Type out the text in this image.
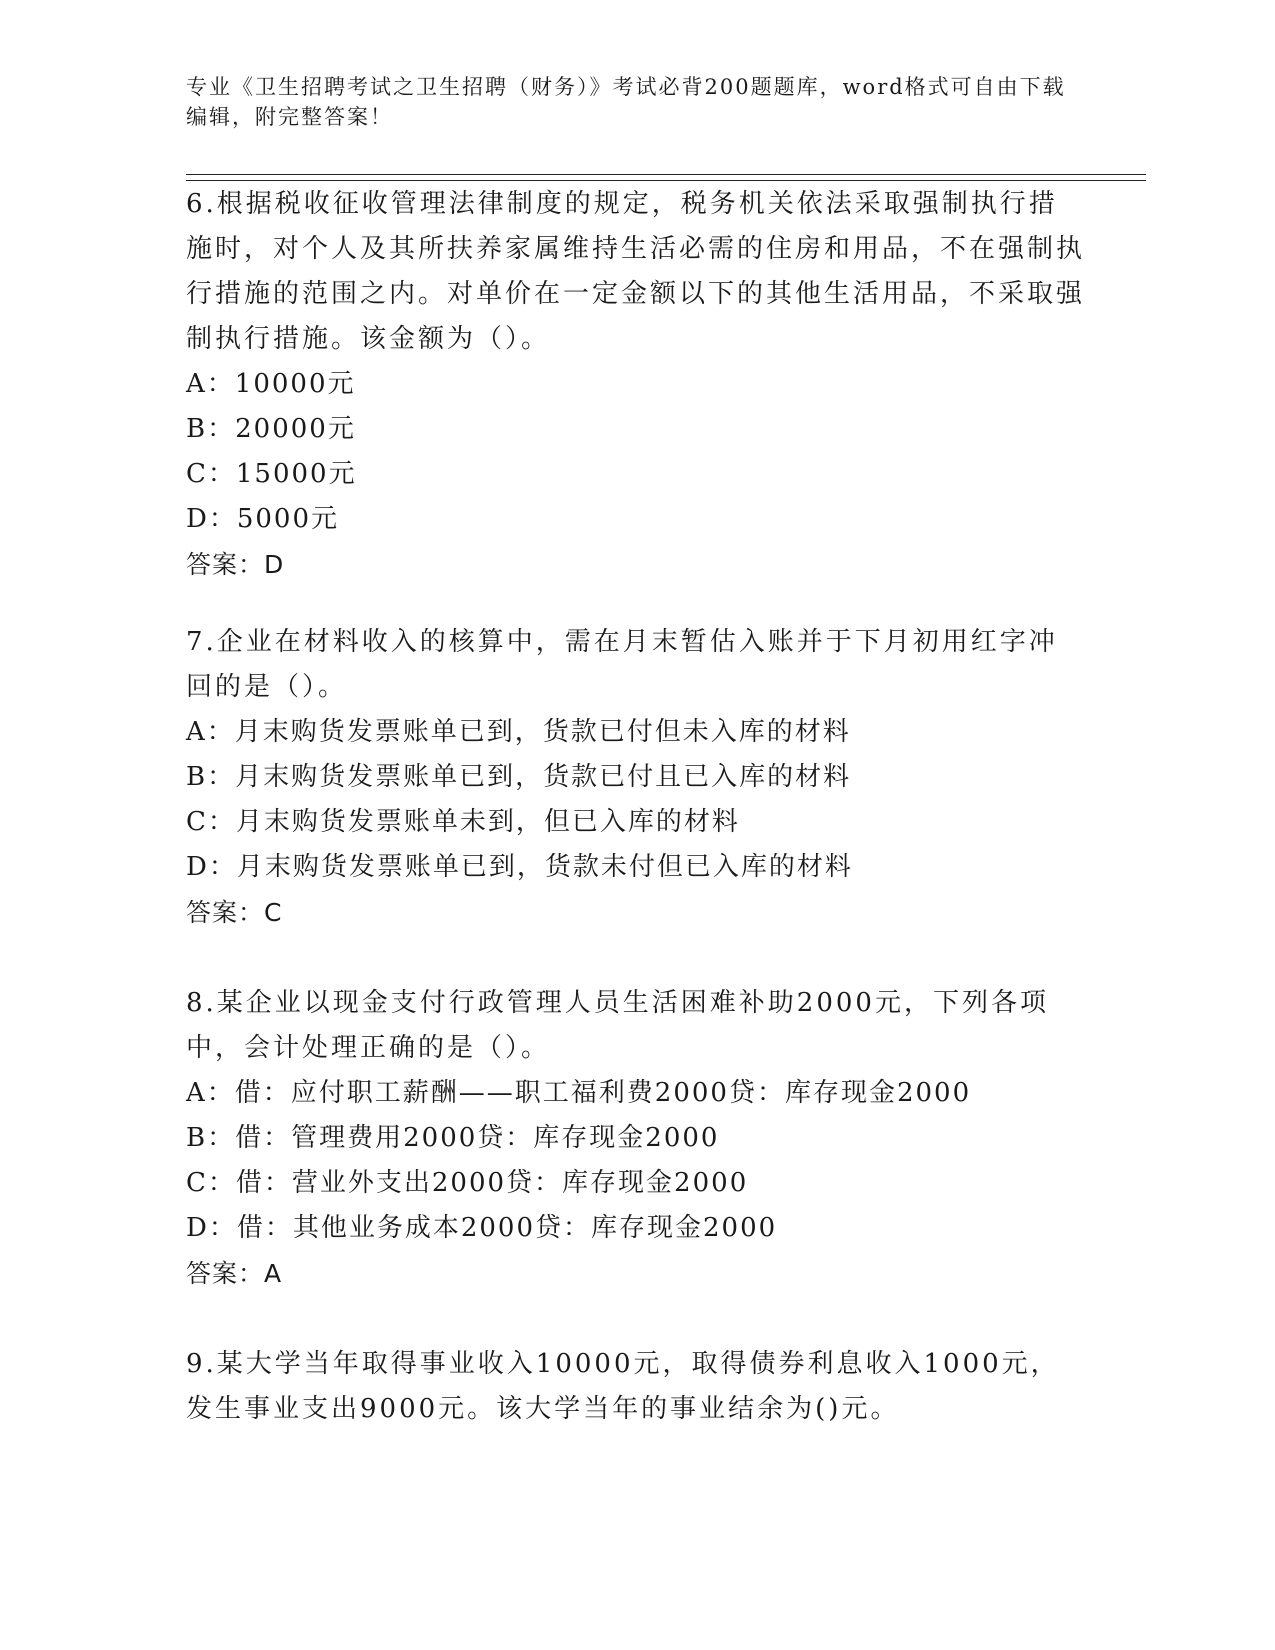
专业《卫生招聘考试之卫生招聘（财务）》考试必背200题题库，word格式可自由下载编辑，附完整答案！

6.根据税收征收管理法律制度的规定，税务机关依法采取强制执行措施时，对个人及其所扶养家属维持生活必需的住房和用品，不在强制执行措施的范围之内。对单价在一定金额以下的其他生活用品，不采取强制执行措施。该金额为（）。

A：10000元

B：20000元

C：15000元

D：5000元

答案：D

7.企业在材料收入的核算中，需在月末暂估入账并于下月初用红字冲回的是（）。

A：月末购货发票账单已到，货款已付但未入库的材料

B：月末购货发票账单已到，货款已付且已入库的材料

C：月末购货发票账单未到，但已入库的材料

D：月末购货发票账单已到，货款未付但已入库的材料

答案：C

8.某企业以现金支付行政管理人员生活困难补助2000元，下列各项中，会计处理正确的是（）。

A：借：应付职工薪酬——职工福利费2000贷：库存现金2000

B：借：管理费用2000贷：库存现金2000

C：借：营业外支出2000贷：库存现金2000

D：借：其他业务成本2000贷：库存现金2000

答案：A

9.某大学当年取得事业收入10000元，取得债券利息收入1000元，发生事业支出9000元。该大学当年的事业结余为()元。
